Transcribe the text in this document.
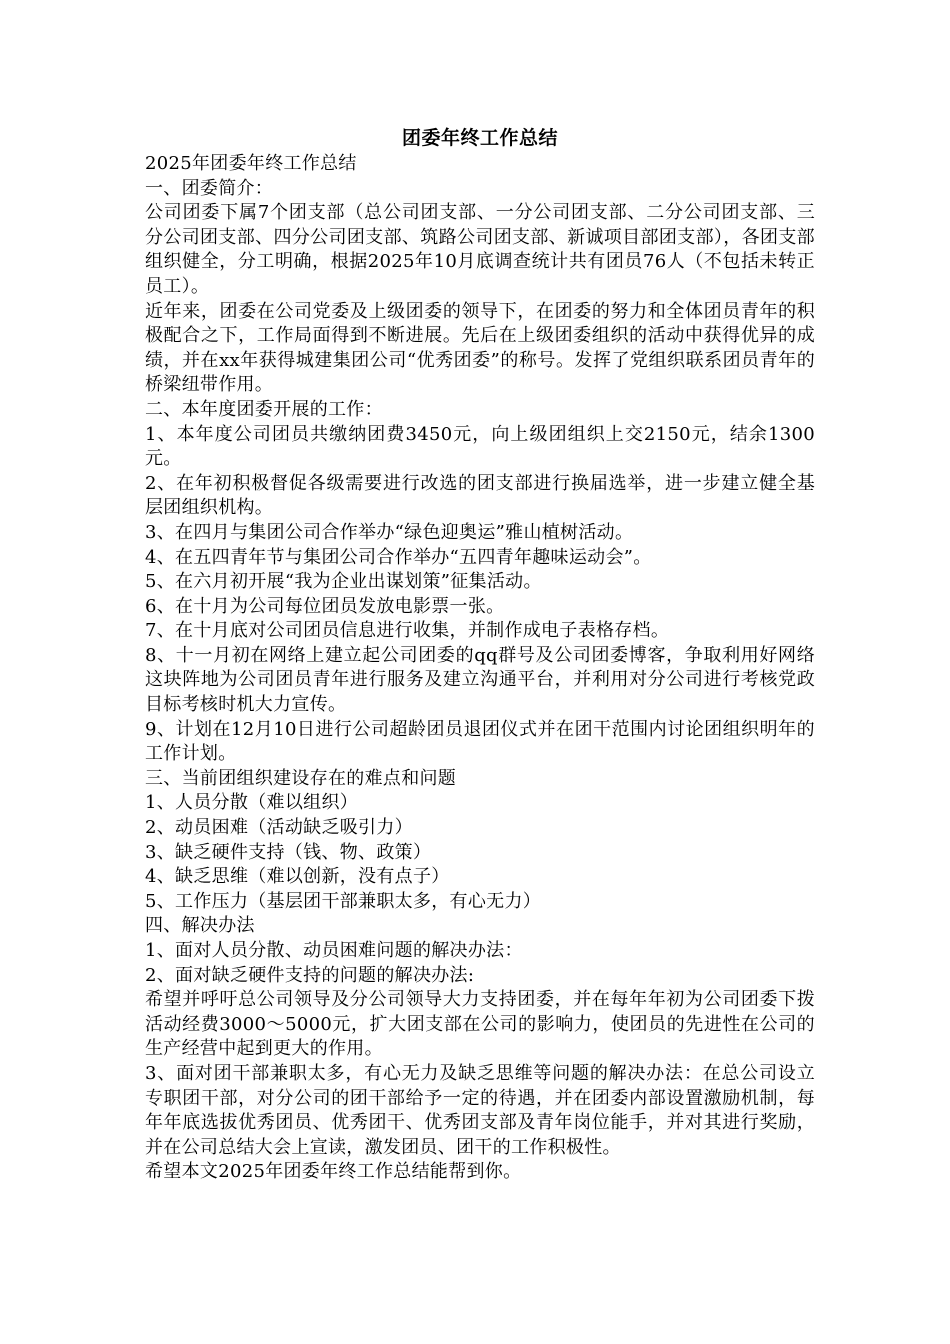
团委年终工作总结

2025年团委年终工作总结

一、团委简介：

公司团委下属7个团支部（总公司团支部、一分公司团支部、二分公司团支部、三分公司团支部、四分公司团支部、筑路公司团支部、新诚项目部团支部），各团支部组织健全，分工明确，根据2025年10月底调查统计共有团员76人（不包括未转正员工）。

近年来，团委在公司党委及上级团委的领导下，在团委的努力和全体团员青年的积极配合之下，工作局面得到不断进展。先后在上级团委组织的活动中获得优异的成绩，并在xx年获得城建集团公司“优秀团委”的称号。发挥了党组织联系团员青年的桥梁纽带作用。

二、本年度团委开展的工作：

1、本年度公司团员共缴纳团费3450元，向上级团组织上交2150元，结余1300元。

2、在年初积极督促各级需要进行改选的团支部进行换届选举，进一步建立健全基层团组织机构。

3、在四月与集团公司合作举办“绿色迎奥运”雅山植树活动。

4、在五四青年节与集团公司合作举办“五四青年趣味运动会”。

5、在六月初开展“我为企业出谋划策”征集活动。

6、在十月为公司每位团员发放电影票一张。

7、在十月底对公司团员信息进行收集，并制作成电子表格存档。

8、十一月初在网络上建立起公司团委的qq群号及公司团委博客，争取利用好网络这块阵地为公司团员青年进行服务及建立沟通平台，并利用对分公司进行考核党政目标考核时机大力宣传。

9、计划在12月10日进行公司超龄团员退团仪式并在团干范围内讨论团组织明年的工作计划。

三、当前团组织建设存在的难点和问题

1、人员分散（难以组织）

2、动员困难（活动缺乏吸引力）

3、缺乏硬件支持（钱、物、政策）

4、缺乏思维（难以创新，没有点子）

5、工作压力（基层团干部兼职太多，有心无力）

四、解决办法

1、面对人员分散、动员困难问题的解决办法：

2、面对缺乏硬件支持的问题的解决办法:

希望并呼吁总公司领导及分公司领导大力支持团委，并在每年年初为公司团委下拨活动经费3000～5000元，扩大团支部在公司的影响力，使团员的先进性在公司的生产经营中起到更大的作用。

3、面对团干部兼职太多，有心无力及缺乏思维等问题的解决办法：在总公司设立专职团干部，对分公司的团干部给予一定的待遇，并在团委内部设置激励机制，每年年底选拔优秀团员、优秀团干、优秀团支部及青年岗位能手，并对其进行奖励，并在公司总结大会上宣读，激发团员、团干的工作积极性。

希望本文2025年团委年终工作总结能帮到你。
